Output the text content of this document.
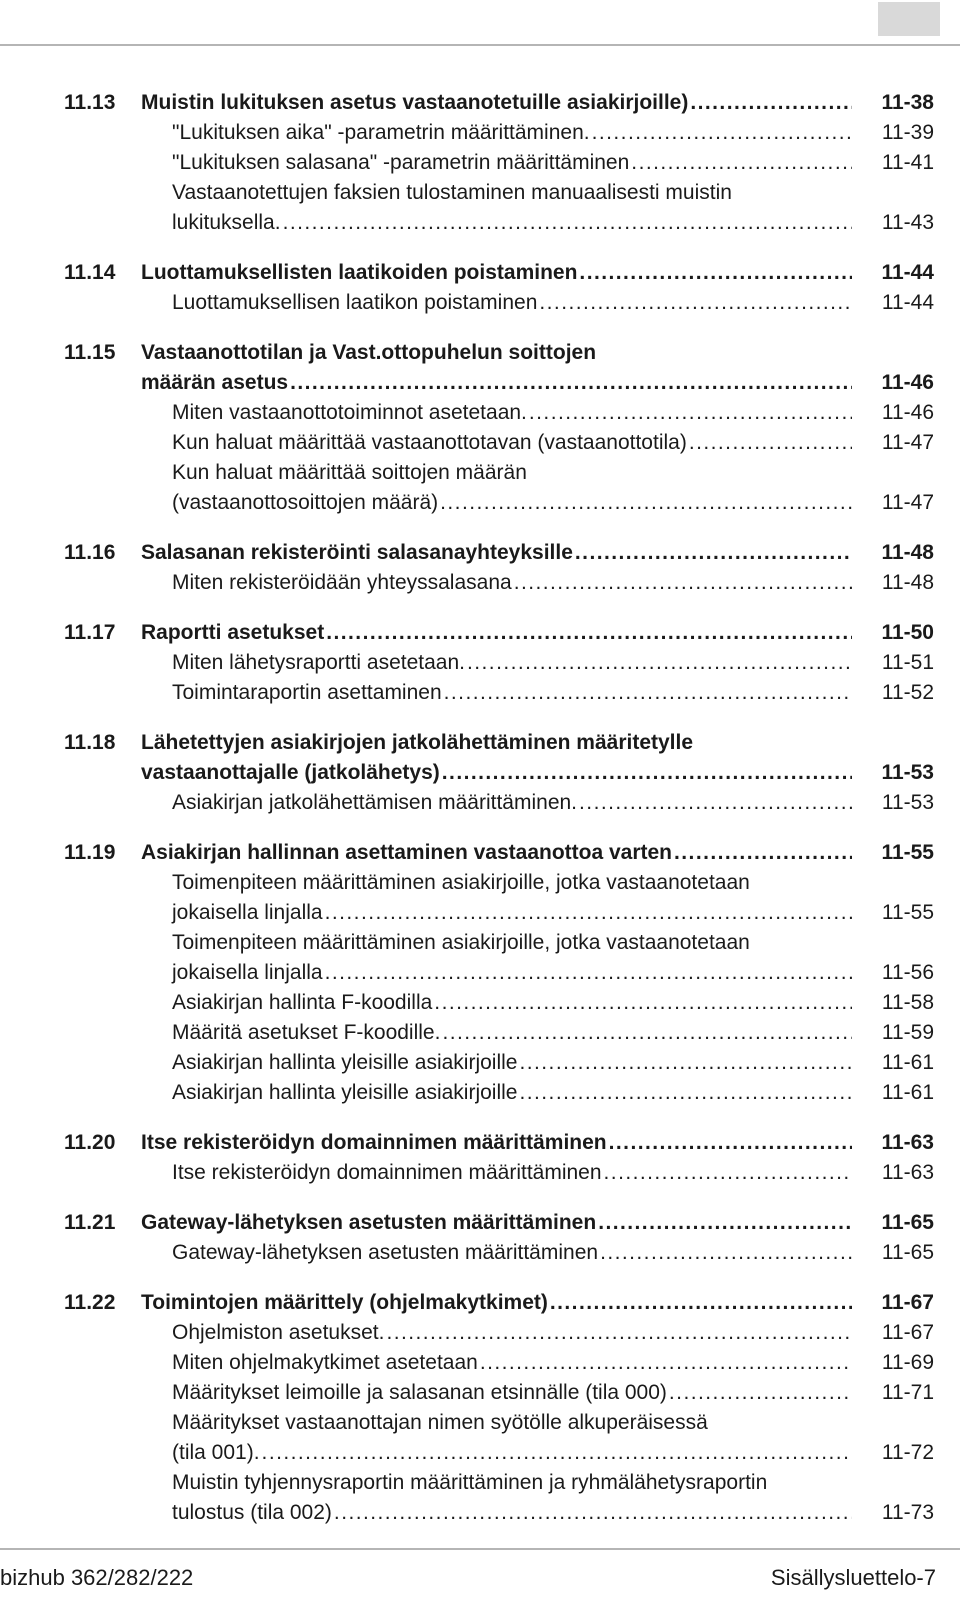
11.13	Muistin lukituksen asetus vastaanotetuille asiakirjoille) . . .	11-38
"Lukituksen aika" -parametrin määrittäminen. . . .	11-39
"Lukituksen salasana" -parametrin määrittäminen . . .	11-41
Vastaanotettujen faksien tulostaminen manuaalisesti muistin
lukituksella. . . .	11-43
11.14	Luottamuksellisten laatikoiden poistaminen . . .	11-44
Luottamuksellisen laatikon poistaminen . . .	11-44
11.15	Vastaanottotilan ja Vast.ottopuhelun soittojen
määrän asetus . . .	11-46
Miten vastaanottotoiminnot asetetaan. . . .	11-46
Kun haluat määrittää vastaanottotavan (vastaanottotila) . . .	11-47
Kun haluat määrittää soittojen määrän
(vastaanottosoittojen määrä) . . .	11-47
11.16	Salasanan rekisteröinti salasanayhteyksille . . .	11-48
Miten rekisteröidään yhteyssalasana . . .	11-48
11.17	Raportti asetukset . . .	11-50
Miten lähetysraportti asetetaan. . . .	11-51
Toimintaraportin asettaminen . . .	11-52
11.18	Lähetettyjen asiakirjojen jatkolähettäminen määritetylle
vastaanottajalle (jatkolähetys) . . .	11-53
Asiakirjan jatkolähettämisen määrittäminen. . . .	11-53
11.19	Asiakirjan hallinnan asettaminen vastaanottoa varten . . .	11-55
Toimenpiteen määrittäminen asiakirjoille, jotka vastaanotetaan
jokaisella linjalla . . .	11-55
Toimenpiteen määrittäminen asiakirjoille, jotka vastaanotetaan
jokaisella linjalla . . .	11-56
Asiakirjan hallinta F-koodilla . . .	11-58
Määritä asetukset F-koodille. . . .	11-59
Asiakirjan hallinta yleisille asiakirjoille . . .	11-61
Asiakirjan hallinta yleisille asiakirjoille . . .	11-61
11.20	Itse rekisteröidyn domainnimen määrittäminen . . .	11-63
Itse rekisteröidyn domainnimen määrittäminen . . .	11-63
11.21	Gateway-lähetyksen asetusten määrittäminen . . .	11-65
Gateway-lähetyksen asetusten määrittäminen . . .	11-65
11.22	Toimintojen määrittely (ohjelmakytkimet) . . .	11-67
Ohjelmiston asetukset. . . .	11-67
Miten ohjelmakytkimet asetetaan . . .	11-69
Määritykset leimoille ja salasanan etsinnälle (tila 000) . . .	11-71
Määritykset vastaanottajan nimen syötölle alkuperäisessä
(tila 001). . . .	11-72
Muistin tyhjennysraportin määrittäminen ja ryhmälähetysraportin
tulostus (tila 002) . . .	11-73
bizhub 362/282/222	Sisällysluettelo-7
